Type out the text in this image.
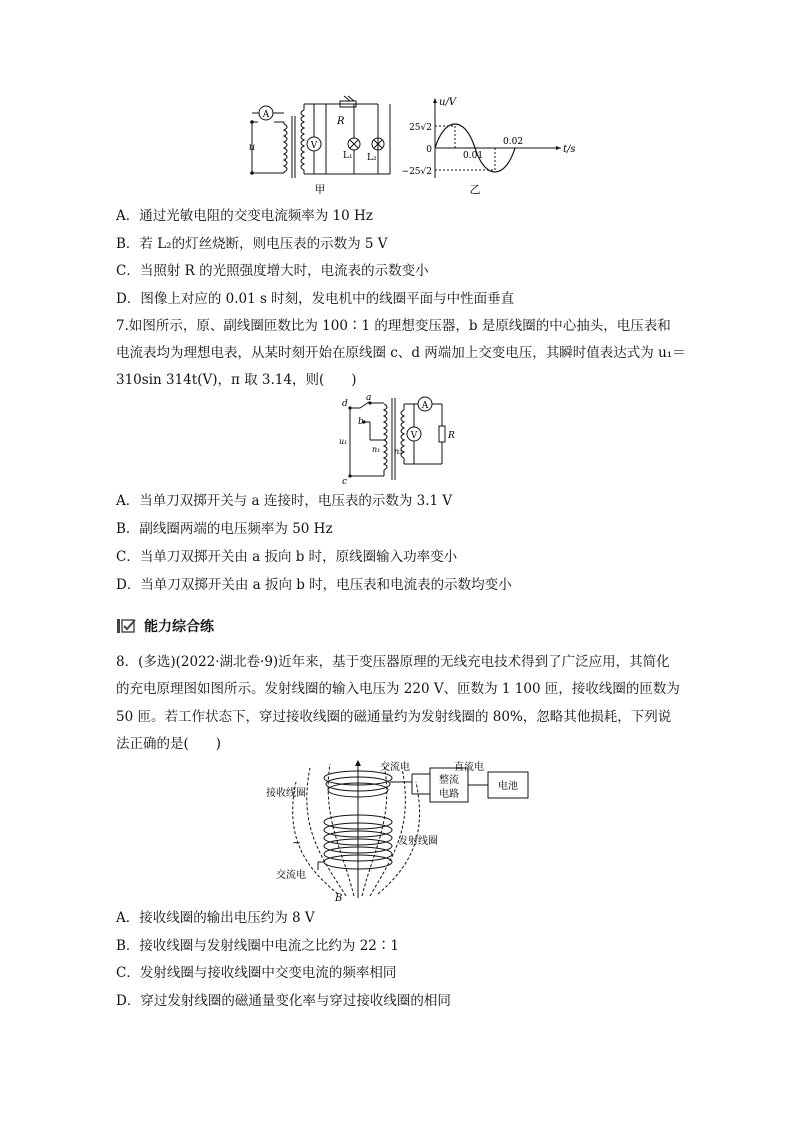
A
V
R
u
L₁ L₂
甲
u/V
t/s
25√2
−25√2
0
0.01
0.02
乙
A．通过光敏电阻的交变电流频率为 10 Hz
B．若 L₂的灯丝烧断，则电压表的示数为 5 V
C．当照射 R 的光照强度增大时，电流表的示数变小
D．图像上对应的 0.01 s 时刻，发电机中的线圈平面与中性面垂直
7.如图所示，原、副线圈匝数比为 100∶1 的理想变压器，b 是原线圈的中心抽头，电压表和
电流表均为理想电表，从某时刻开始在原线圈 c、d 两端加上交变电压，其瞬时值表达式为 u₁＝
310sin 314t(V)，π 取 3.14，则(　　)
A
V
d
a
b
c
u₁
n₁ n₂
R
A．当单刀双掷开关与 a 连接时，电压表的示数为 3.1 V
B．副线圈两端的电压频率为 50 Hz
C．当单刀双掷开关由 a 扳向 b 时，原线圈输入功率变小
D．当单刀双掷开关由 a 扳向 b 时，电压表和电流表的示数均变小
能力综合练
8．(多选)(2022·湖北卷·9)近年来，基于变压器原理的无线充电技术得到了广泛应用，其简化
的充电原理图如图所示。发射线圈的输入电压为 220 V、匝数为 1 100 匝，接收线圈的匝数为
50 匝。若工作状态下，穿过接收线圈的磁通量约为发射线圈的 80%，忽略其他损耗，下列说
法正确的是(　　)
交流电	直流电
接收线圈
整流
电路
电池
~	发射线圈
交流电
B
A．接收线圈的输出电压约为 8 V
B．接收线圈与发射线圈中电流之比约为 22∶1
C．发射线圈与接收线圈中交变电流的频率相同
D．穿过发射线圈的磁通量变化率与穿过接收线圈的相同
